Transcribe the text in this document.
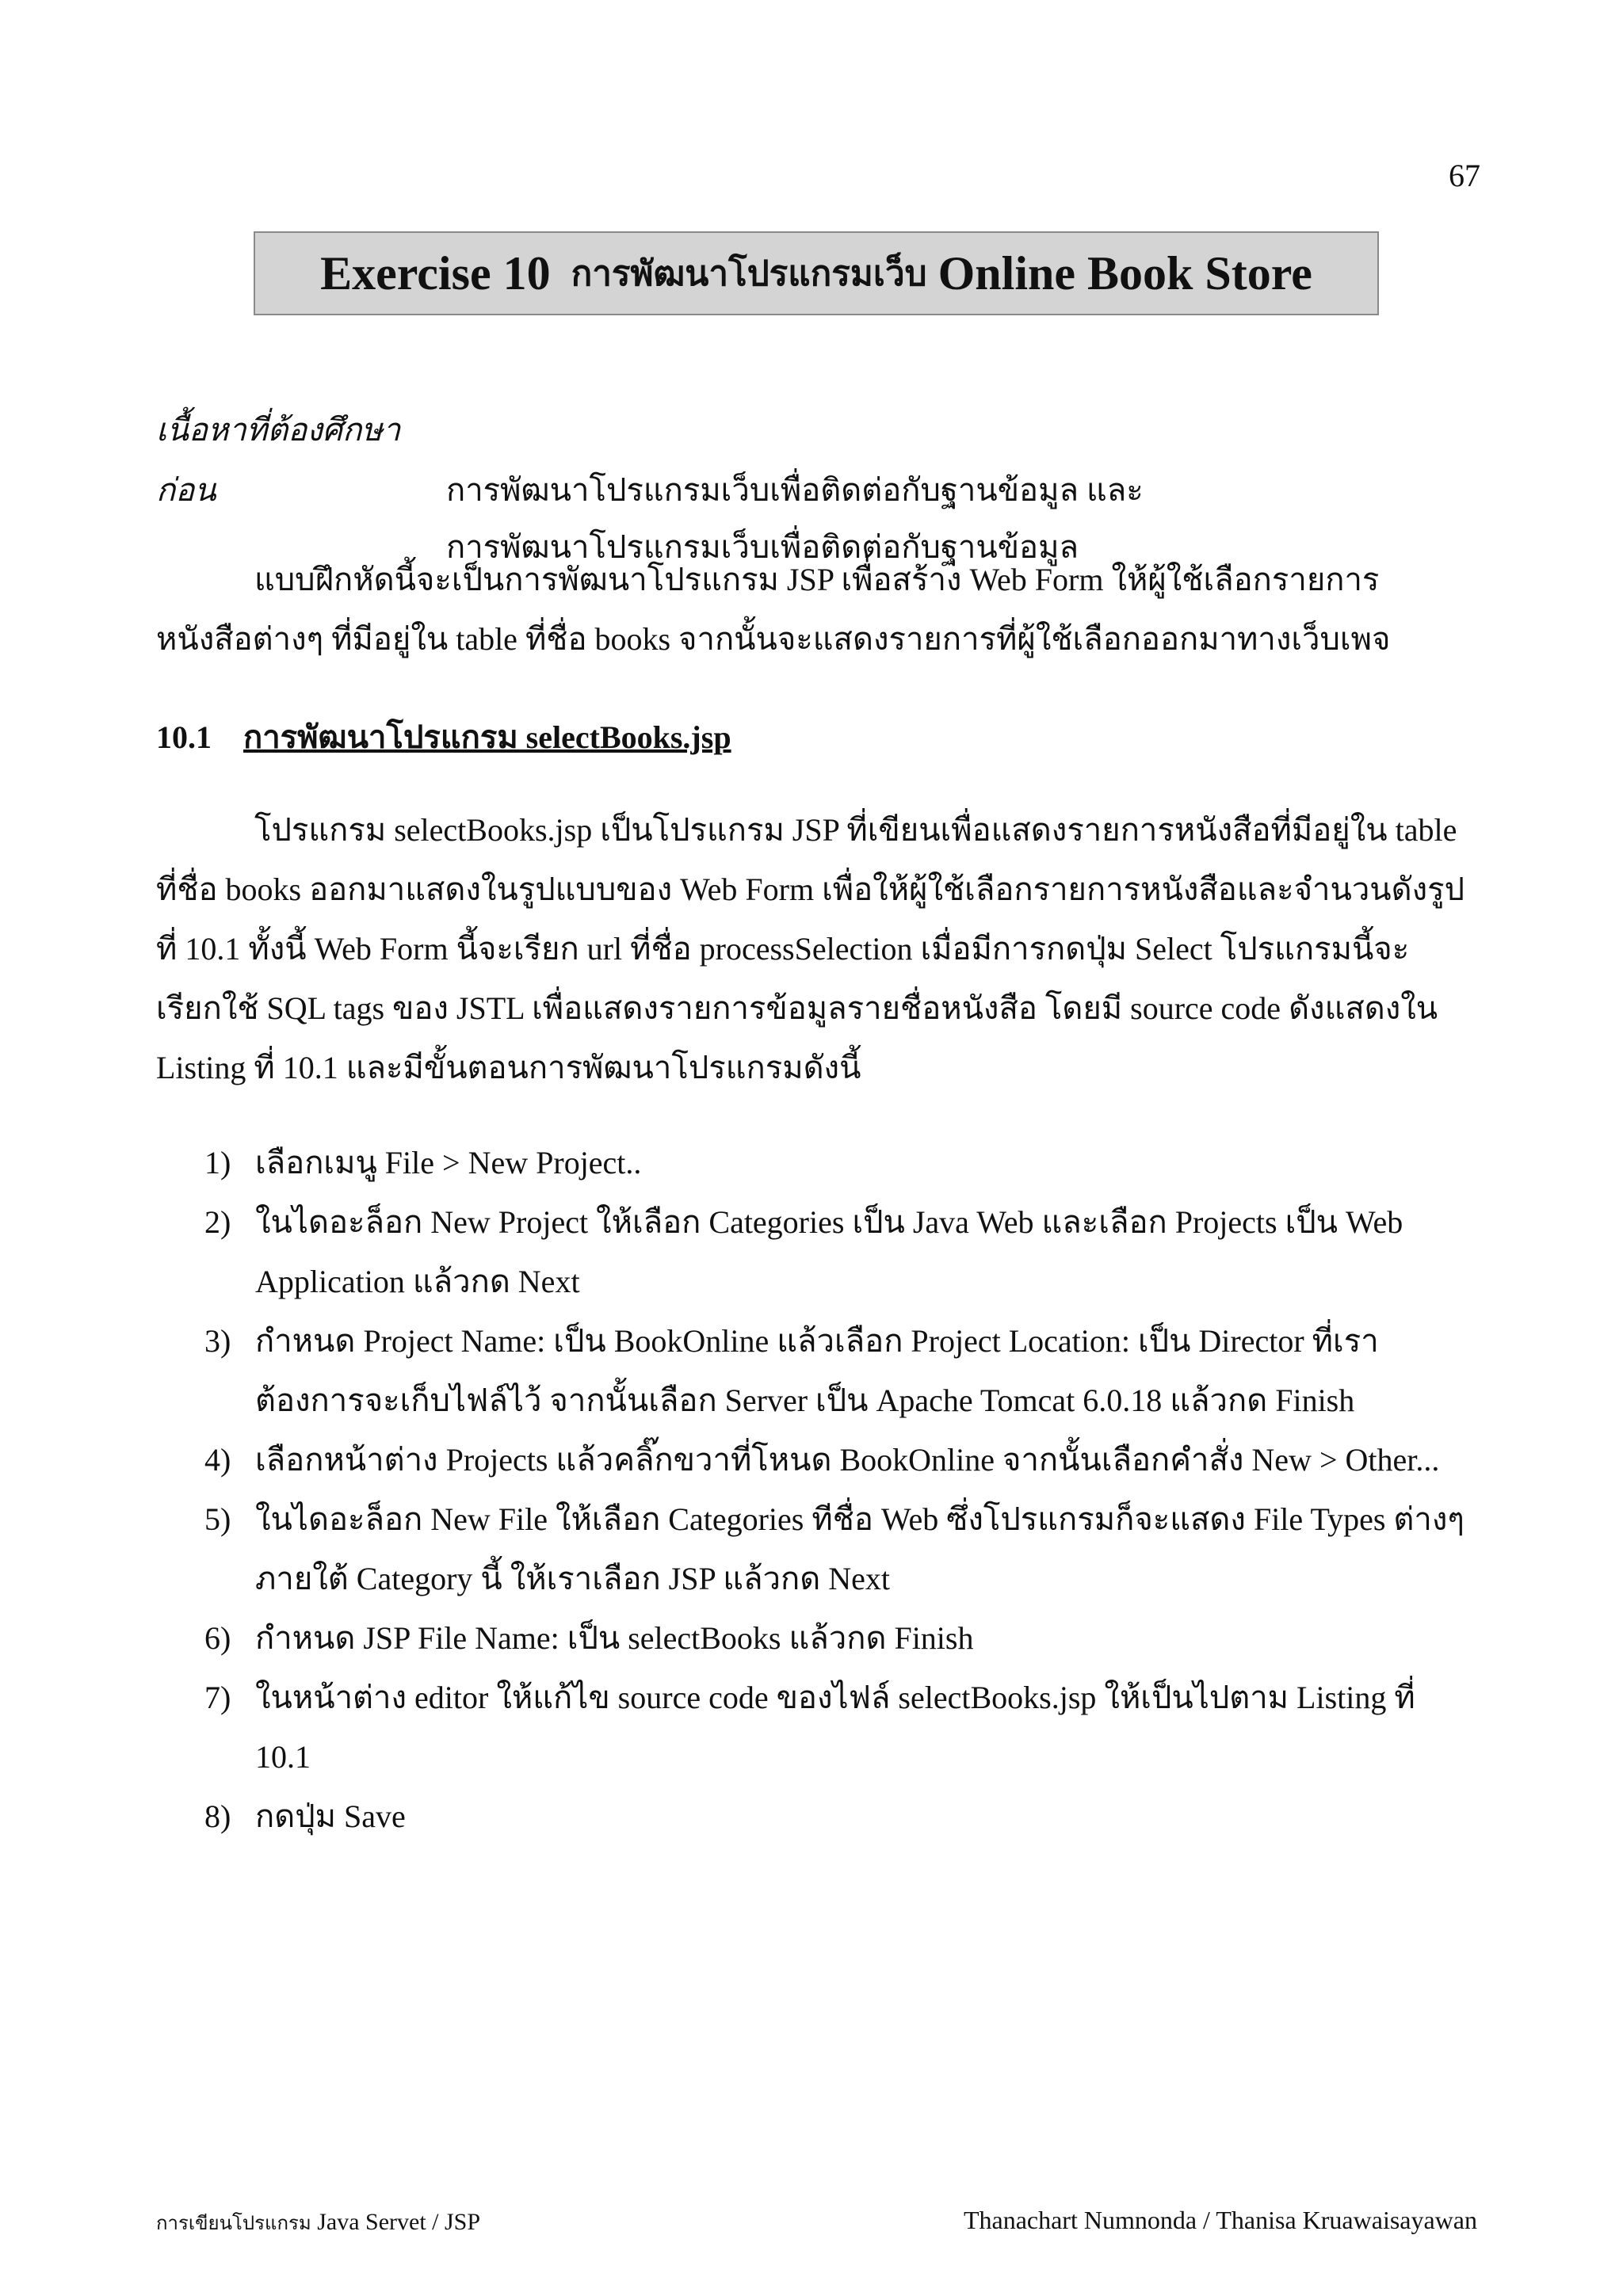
67
Exercise 10 การพัฒนาโปรแกรมเว็บ Online Book Store
เนื้อหาที่ต้องศึกษาก่อน	การพัฒนาโปรแกรมเว็บเพื่อติดต่อกับฐานข้อมูล และ
การพัฒนาโปรแกรมเว็บเพื่อติดต่อกับฐานข้อมูล
แบบฝึกหัดนี้จะเป็นการพัฒนาโปรแกรม JSP เพื่อสร้าง Web Form ให้ผู้ใช้เลือกรายการหนังสือต่างๆ ที่มีอยู่ใน table ที่ชื่อ books จากนั้นจะแสดงรายการที่ผู้ใช้เลือกออกมาทางเว็บเพจ
10.1 การพัฒนาโปรแกรม selectBooks.jsp
โปรแกรม selectBooks.jsp เป็นโปรแกรม JSP ที่เขียนเพื่อแสดงรายการหนังสือที่มีอยู่ใน table ที่ชื่อ books ออกมาแสดงในรูปแบบของ Web Form เพื่อให้ผู้ใช้เลือกรายการหนังสือและจำนวนดังรูปที่ 10.1 ทั้งนี้ Web Form นี้จะเรียก url ที่ชื่อ processSelection เมื่อมีการกดปุ่ม Select โปรแกรมนี้จะเรียกใช้ SQL tags ของ JSTL เพื่อแสดงรายการข้อมูลรายชื่อหนังสือ โดยมี source code ดังแสดงใน Listing ที่ 10.1 และมีขั้นตอนการพัฒนาโปรแกรมดังนี้
1) เลือกเมนู File > New Project..
2) ในไดอะล็อก New Project ให้เลือก Categories เป็น Java Web และเลือก Projects เป็น Web Application แล้วกด Next
3) กำหนด Project Name: เป็น BookOnline แล้วเลือก Project Location: เป็น Director ที่เราต้องการจะเก็บไฟล์ไว้ จากนั้นเลือก Server เป็น Apache Tomcat 6.0.18 แล้วกด Finish
4) เลือกหน้าต่าง Projects แล้วคลิ๊กขวาที่โหนด BookOnline จากนั้นเลือกคำสั่ง New > Other...
5) ในไดอะล็อก New File ให้เลือก Categories ทีชื่อ Web ซึ่งโปรแกรมก็จะแสดง File Types ต่างๆ ภายใต้ Category นี้ ให้เราเลือก JSP แล้วกด Next
6) กำหนด JSP File Name: เป็น selectBooks แล้วกด Finish
7) ในหน้าต่าง editor ให้แก้ไข source code ของไฟล์ selectBooks.jsp ให้เป็นไปตาม Listing ที่ 10.1
8) กดปุ่ม Save
การเขียนโปรแกรม Java Servet / JSP	Thanachart Numnonda / Thanisa Kruawaisayawan
